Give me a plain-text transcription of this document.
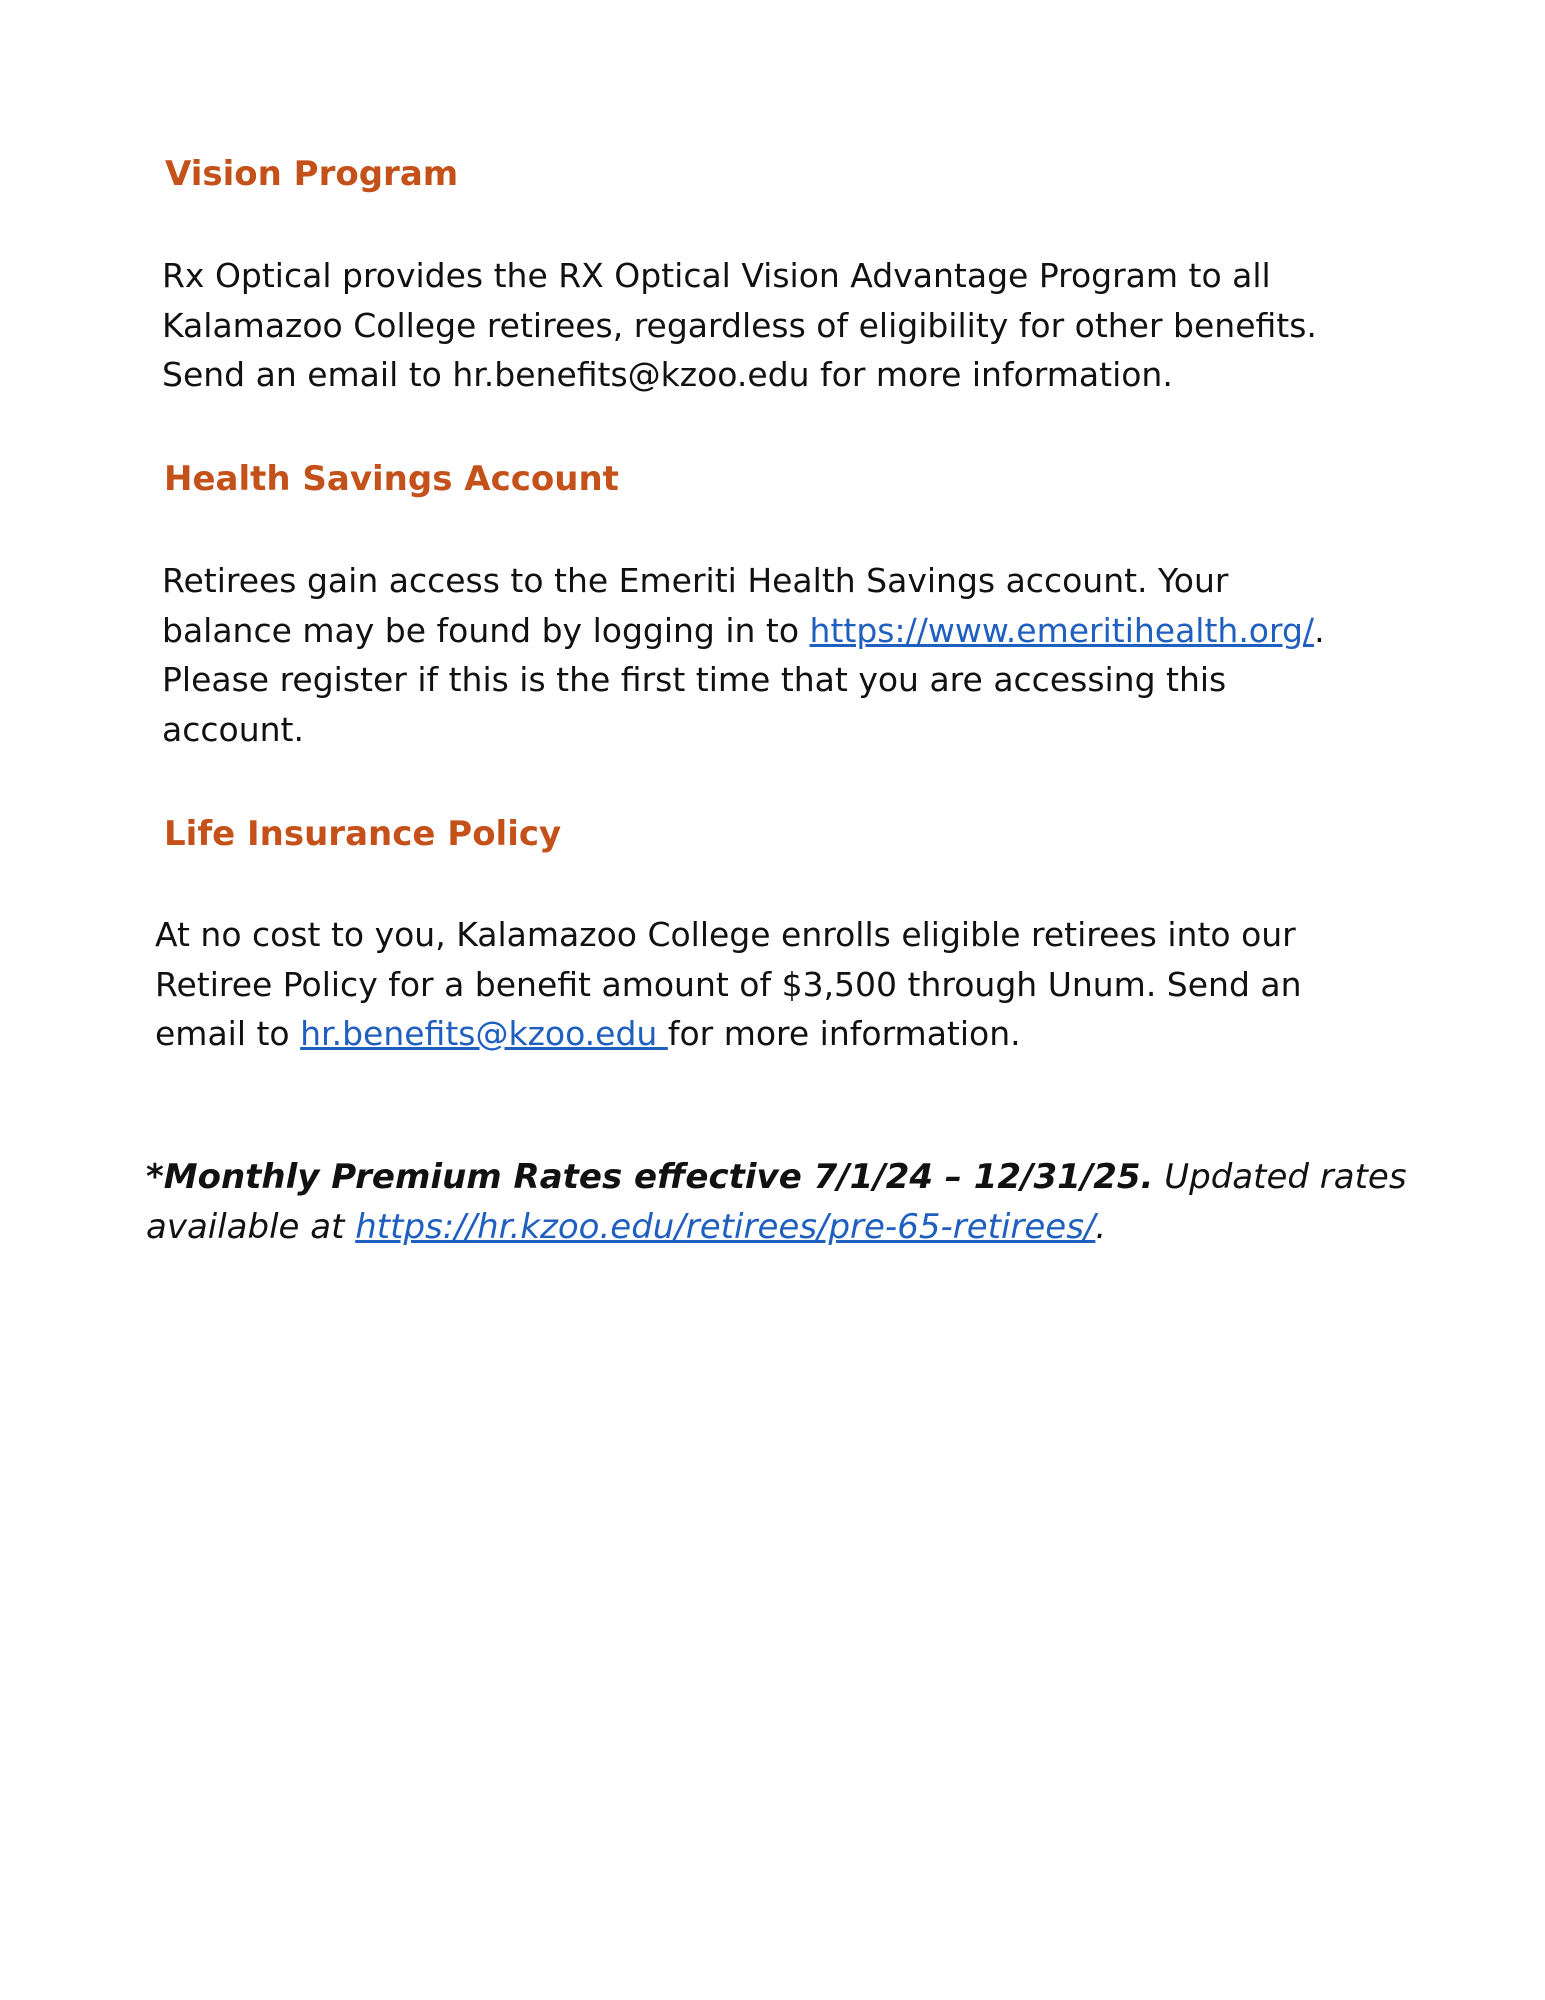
Vision Program

Rx Optical provides the RX Optical Vision Advantage Program to all
Kalamazoo College retirees, regardless of eligibility for other benefits.
Send an email to hr.benefits@kzoo.edu for more information.

Health Savings Account

Retirees gain access to the Emeriti Health Savings account. Your
balance may be found by logging in to https://www.emeritihealth.org/.
Please register if this is the first time that you are accessing this
account.

Life Insurance Policy

At no cost to you, Kalamazoo College enrolls eligible retirees into our
Retiree Policy for a benefit amount of $3,500 through Unum. Send an
email to hr.benefits@kzoo.edu for more information.

*Monthly Premium Rates effective 7/1/24 – 12/31/25. Updated rates
available at https://hr.kzoo.edu/retirees/pre-65-retirees/.
